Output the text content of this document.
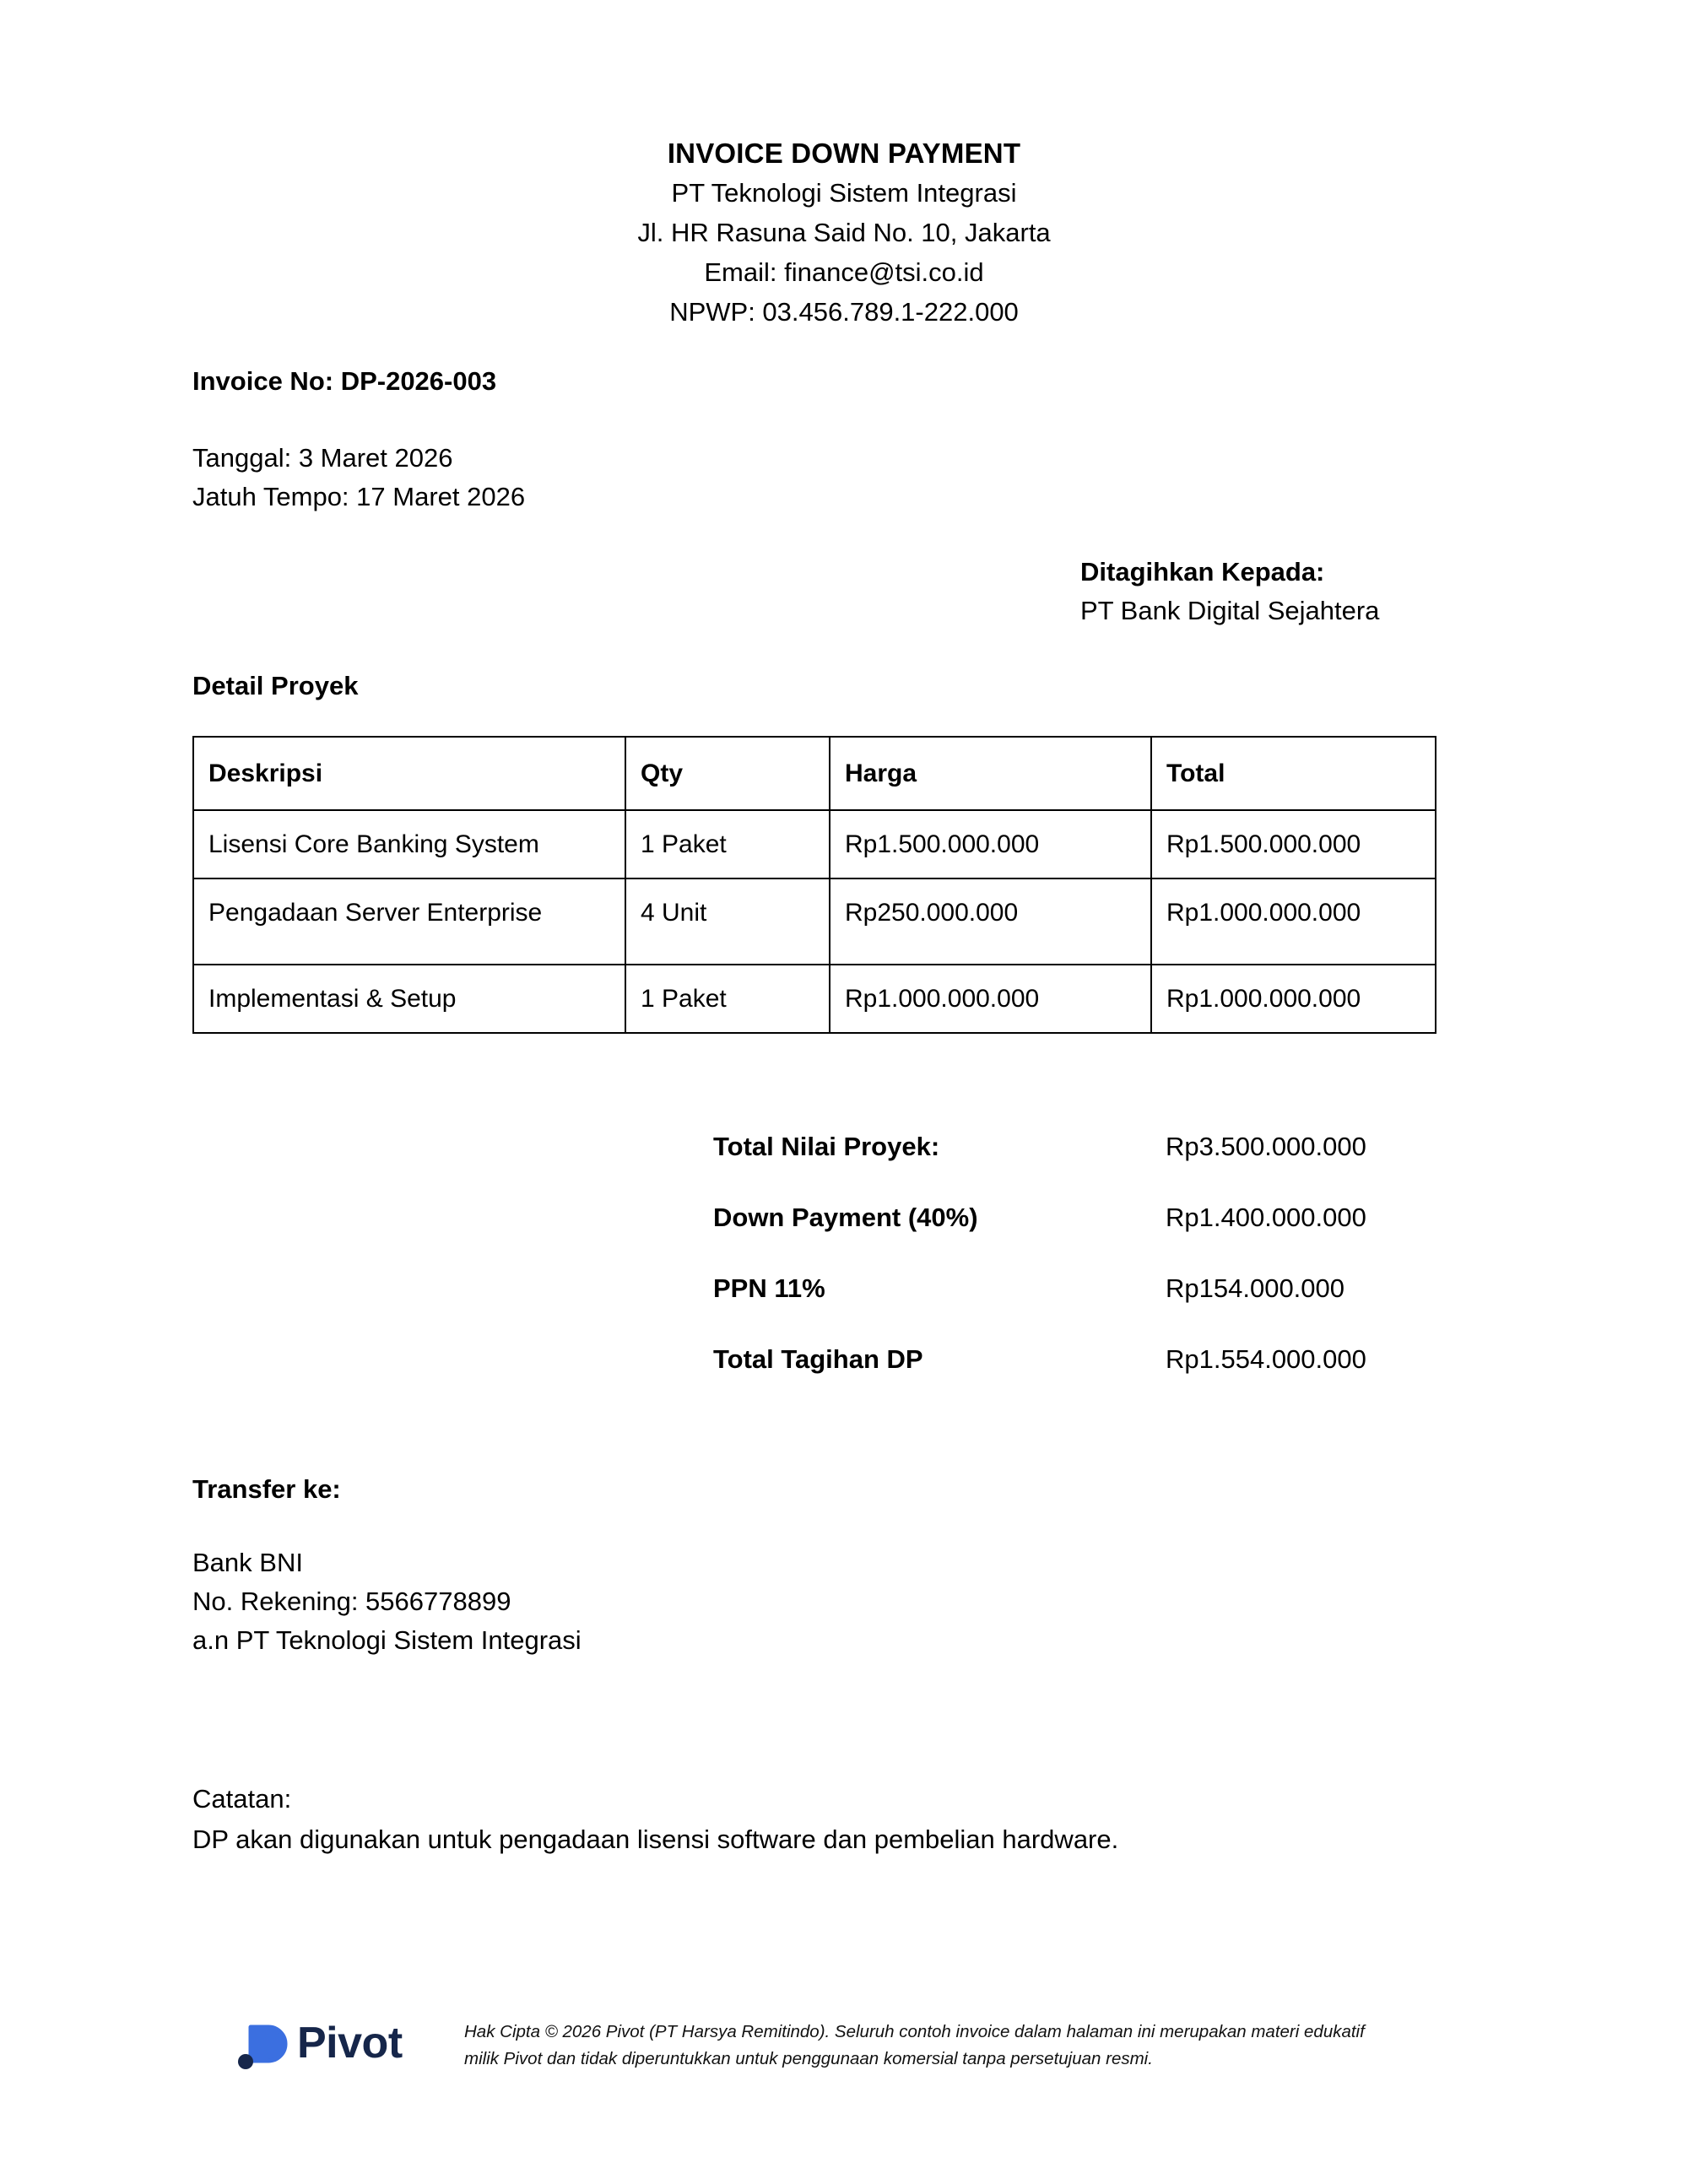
INVOICE DOWN PAYMENT
PT Teknologi Sistem Integrasi
Jl. HR Rasuna Said No. 10, Jakarta
Email: finance@tsi.co.id
NPWP: 03.456.789.1-222.000
Invoice No: DP-2026-003
Tanggal: 3 Maret 2026
Jatuh Tempo: 17 Maret 2026
Ditagihkan Kepada:
PT Bank Digital Sejahtera
Detail Proyek
Deskripsi	Qty	Harga	Total
Lisensi Core Banking System	1 Paket	Rp1.500.000.000	Rp1.500.000.000
Pengadaan Server Enterprise	4 Unit	Rp250.000.000	Rp1.000.000.000
Implementasi & Setup	1 Paket	Rp1.000.000.000	Rp1.000.000.000
Total Nilai Proyek:	Rp3.500.000.000
Down Payment (40%)	Rp1.400.000.000
PPN 11%	Rp154.000.000
Total Tagihan DP	Rp1.554.000.000
Transfer ke:
Bank BNI
No. Rekening: 5566778899
a.n PT Teknologi Sistem Integrasi
Catatan:
DP akan digunakan untuk pengadaan lisensi software dan pembelian hardware.
Pivot	Hak Cipta © 2026 Pivot (PT Harsya Remitindo). Seluruh contoh invoice dalam halaman ini merupakan materi edukatif
milik Pivot dan tidak diperuntukkan untuk penggunaan komersial tanpa persetujuan resmi.
